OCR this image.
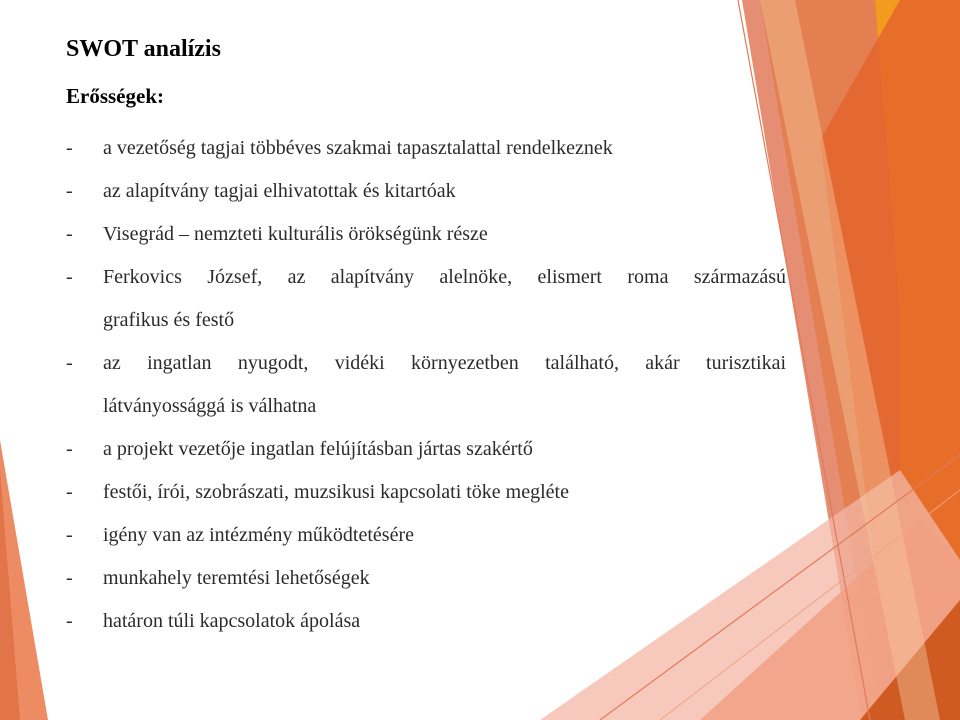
SWOT analízis
Erősségek:
- a vezetőség tagjai többéves szakmai tapasztalattal rendelkeznek
- az alapítvány tagjai elhivatottak és kitartóak
- Visegrád – nemzteti kulturális örökségünk része
- Ferkovics József, az alapítvány alelnöke, elismert roma származású
grafikus és festő
- az ingatlan nyugodt, vidéki környezetben található, akár turisztikai
látványossággá is válhatna
- a projekt vezetője ingatlan felújításban jártas szakértő
- festői, írói, szobrászati, muzsikusi kapcsolati töke megléte
- igény van az intézmény működtetésére
- munkahely teremtési lehetőségek
- határon túli kapcsolatok ápolása
